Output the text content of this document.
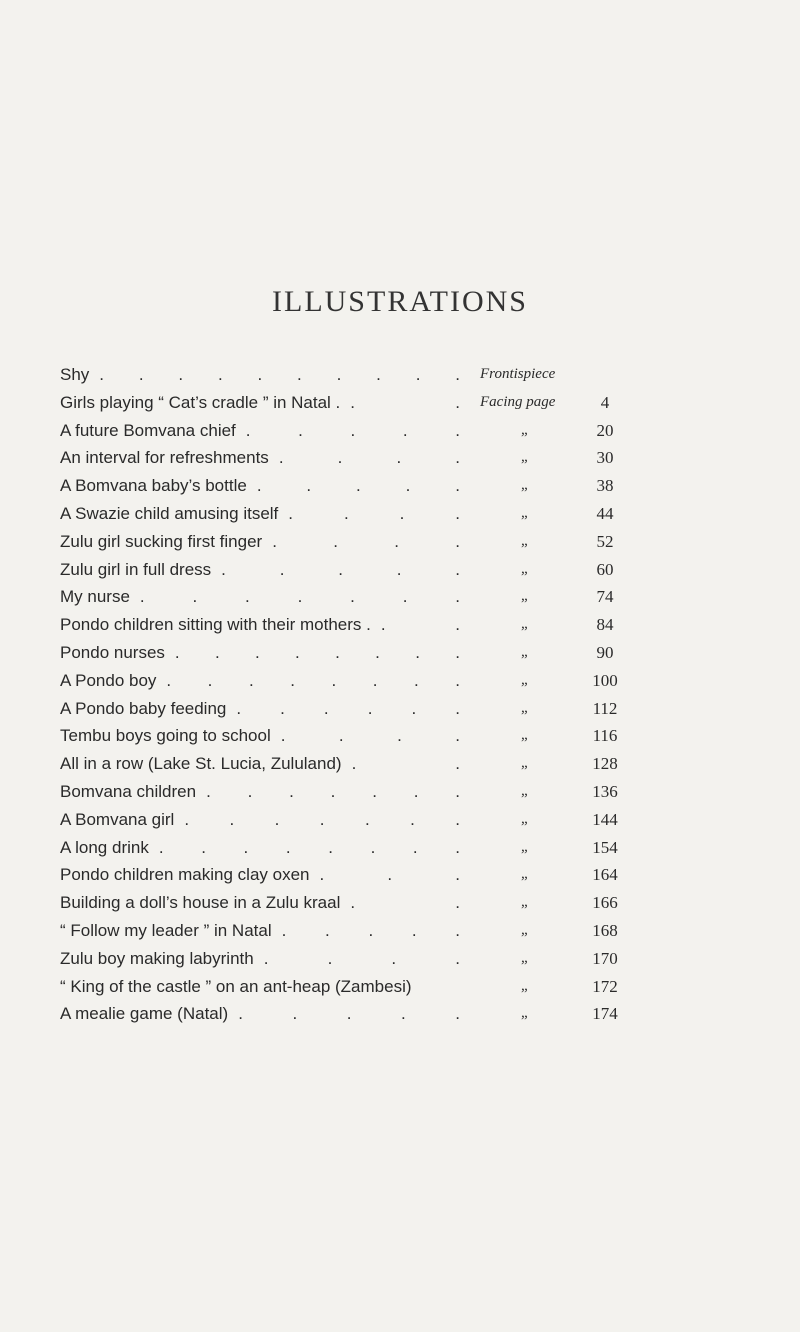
ILLUSTRATIONS
Shy . . . . . . . . . . Frontispiece
Girls playing “ Cat’s cradle ” in Natal . . . Facing page	4
A future Bomvana chief . . . . .	„	20
An interval for refreshments . . . .	„	30
A Bomvana baby’s bottle . . . . .	„	38
A Swazie child amusing itself . . . .	„	44
Zulu girl sucking first finger . . . .	„	52
Zulu girl in full dress . . . . .	„	60
My nurse . . . . . . .	„	74
Pondo children sitting with their mothers . . .	„	84
Pondo nurses . . . . . . . .	„	90
A Pondo boy . . . . . . . .	„	100
A Pondo baby feeding . . . . . .	„	112
Tembu boys going to school . . . .	„	116
All in a row (Lake St. Lucia, Zululand) . .	„	128
Bomvana children . . . . . . .	„	136
A Bomvana girl . . . . . . .	„	144
A long drink . . . . . . . .	„	154
Pondo children making clay oxen . . .	„	164
Building a doll’s house in a Zulu kraal . .	„	166
“ Follow my leader ” in Natal . . . . .	„	168
Zulu boy making labyrinth . . . .	„	170
“ King of the castle ” on an ant-heap (Zambesi)	„	172
A mealie game (Natal) . . . . .	„	174
